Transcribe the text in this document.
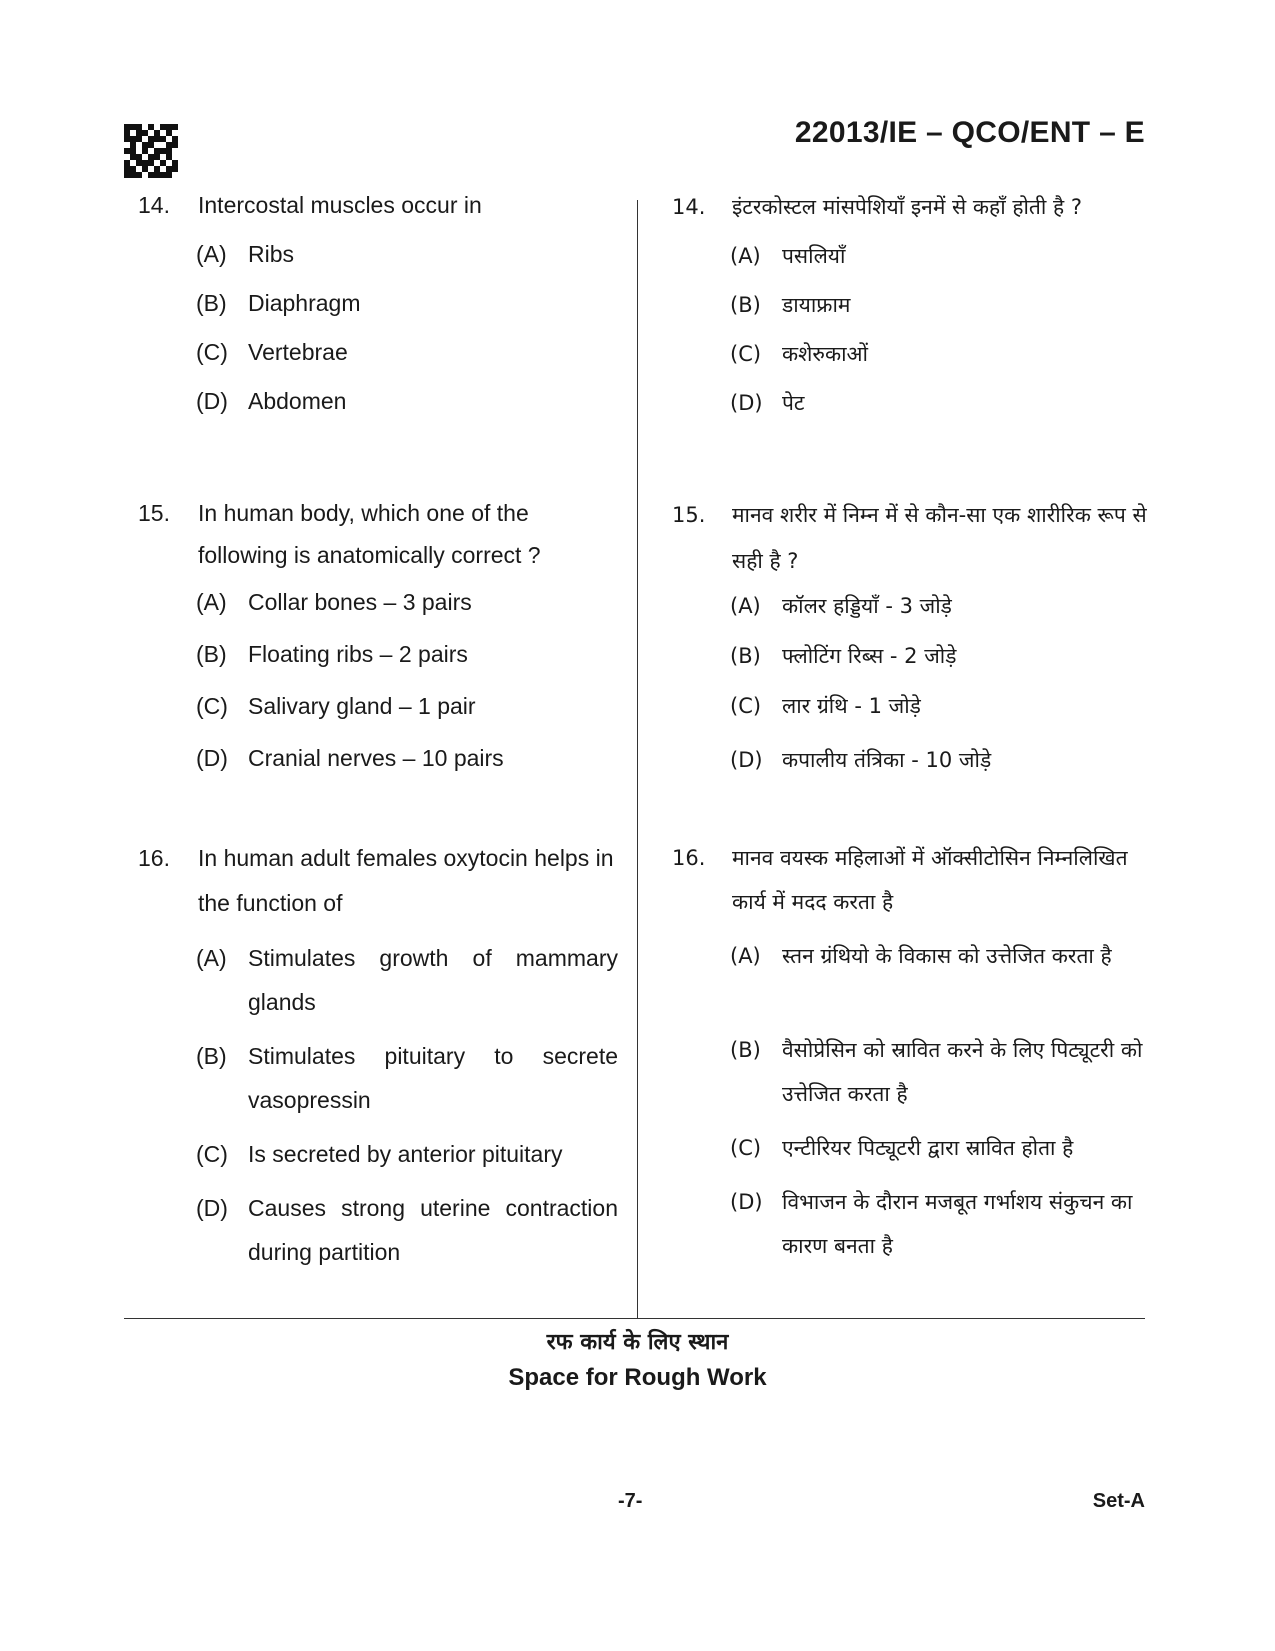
22013/IE – QCO/ENT – E
14.	Intercostal muscles occur in
(A) Ribs
(B) Diaphragm
(C) Vertebrae
(D) Abdomen
15.	In human body, which one of the following is anatomically correct ?
(A) Collar bones – 3 pairs
(B) Floating ribs – 2 pairs
(C) Salivary gland – 1 pair
(D) Cranial nerves – 10 pairs
16.	In human adult females oxytocin helps in the function of
(A) Stimulates growth of mammary glands
(B) Stimulates pituitary to secrete vasopressin
(C) Is secreted by anterior pituitary
(D) Causes strong uterine contraction during partition
14.	इंटरकोस्टल मांसपेशियाँ इनमें से कहाँ होती है ?
(A)	पसलियाँ
(B)	डायाफ्राम
(C) कशेरुकाओं
(D) पेट
15.	मानव शरीर में निम्न में से कौन-सा एक शारीरिक रूप से सही है ?
(A)	कॉलर हड्डियाँ - 3 जोड़े
(B)	फ्लोटिंग रिब्स - 2 जोड़े
(C) लार ग्रंथि - 1 जोड़े
(D) कपालीय तंत्रिका - 10 जोड़े
16.	मानव वयस्क महिलाओं में ऑक्सीटोसिन निम्नलिखित कार्य में मदद करता है
(A)	स्तन ग्रंथियो के विकास को उत्तेजित करता है
(B)	वैसोप्रेसिन को स्रावित करने के लिए पिट्यूटरी को उत्तेजित करता है
(C) एन्टीरियर पिट्यूटरी द्वारा स्रावित होता है
(D) विभाजन के दौरान मजबूत गर्भाशय संकुचन का कारण बनता है
रफ कार्य के लिए स्थान
Space for Rough Work
-7-	Set-A
